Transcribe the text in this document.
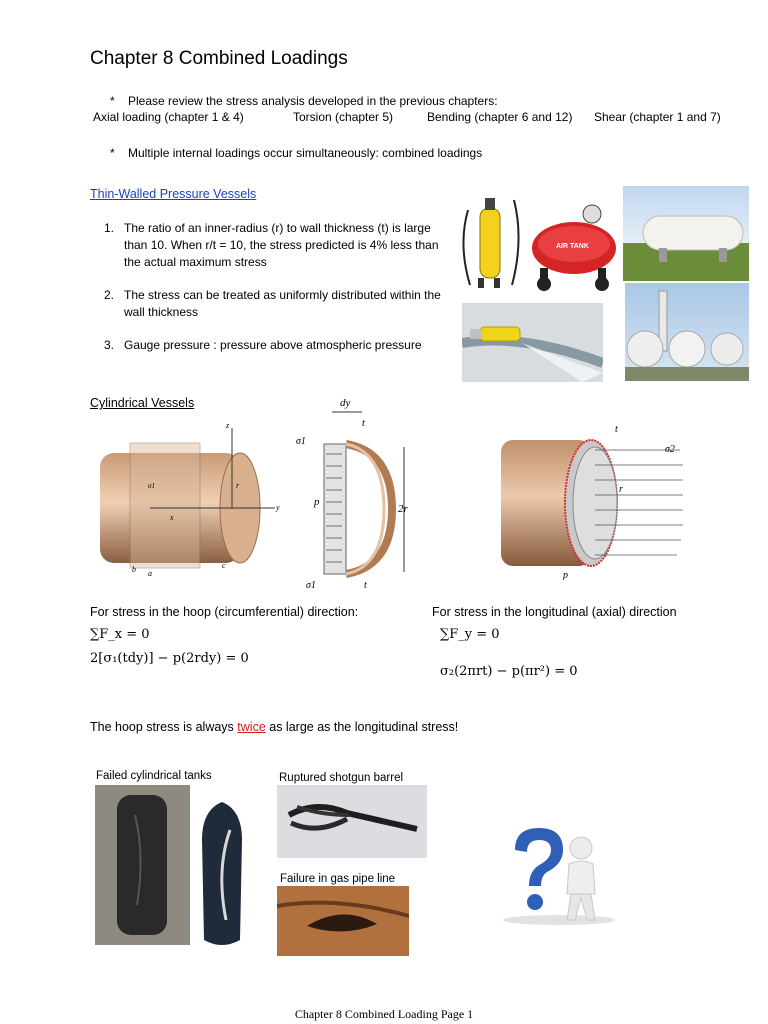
Chapter 8 Combined Loadings
* Please review the stress analysis developed in the previous chapters:
Axial loading (chapter 1 & 4)	Torsion (chapter 5)	Bending (chapter 6 and 12)	Shear (chapter 1 and 7)
* Multiple internal loadings occur simultaneously: combined loadings
Thin-Walled Pressure Vessels
1. The ratio of an inner-radius (r) to wall thickness (t) is large than 10. When r/t = 10, the stress predicted is 4% less than the actual maximum stress
2. The stress can be treated as uniformly distributed within the wall thickness
3. Gauge pressure : pressure above atmospheric pressure
AIR TANK
Cylindrical Vessels
z
y
x
a
b	c
r
σ1
dy
t
σ1
σ1
p
2r
t
t
σ2
r
p
For stress in the hoop (circumferential) direction:
∑F_x = 0
2[σ₁(tdy)] − p(2rdy) = 0
For stress in the longitudinal (axial) direction
∑F_y = 0
σ₂(2πrt) − p(πr²) = 0
The hoop stress is always twice as large as the longitudinal stress!
Failed cylindrical tanks	Ruptured shotgun barrel
Failure in gas pipe line
Chapter 8 Combined Loading Page 1
